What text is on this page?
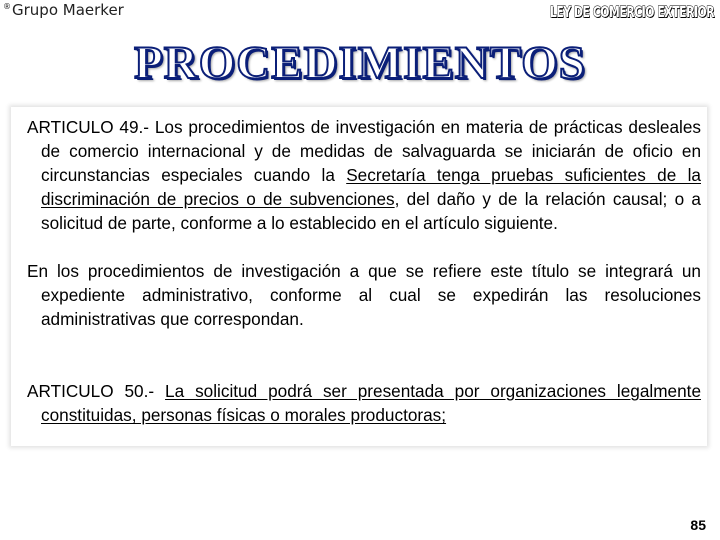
®Grupo Maerker	LEY DE COMERCIO EXTERIOR
PROCEDIMIENTOS

ARTICULO 49.- Los procedimientos de investigación en materia de prácticas desleales de comercio internacional y de medidas de salvaguarda se iniciarán de oficio en circunstancias especiales cuando la Secretaría tenga pruebas suficientes de la discriminación de precios o de subvenciones, del daño y de la relación causal; o a solicitud de parte, conforme a lo establecido en el artículo siguiente.

En los procedimientos de investigación a que se refiere este título se integrará un expediente administrativo, conforme al cual se expedirán las resoluciones administrativas que correspondan.

ARTICULO 50.- La solicitud podrá ser presentada por organizaciones legalmente constituidas, personas físicas o morales productoras;

85
